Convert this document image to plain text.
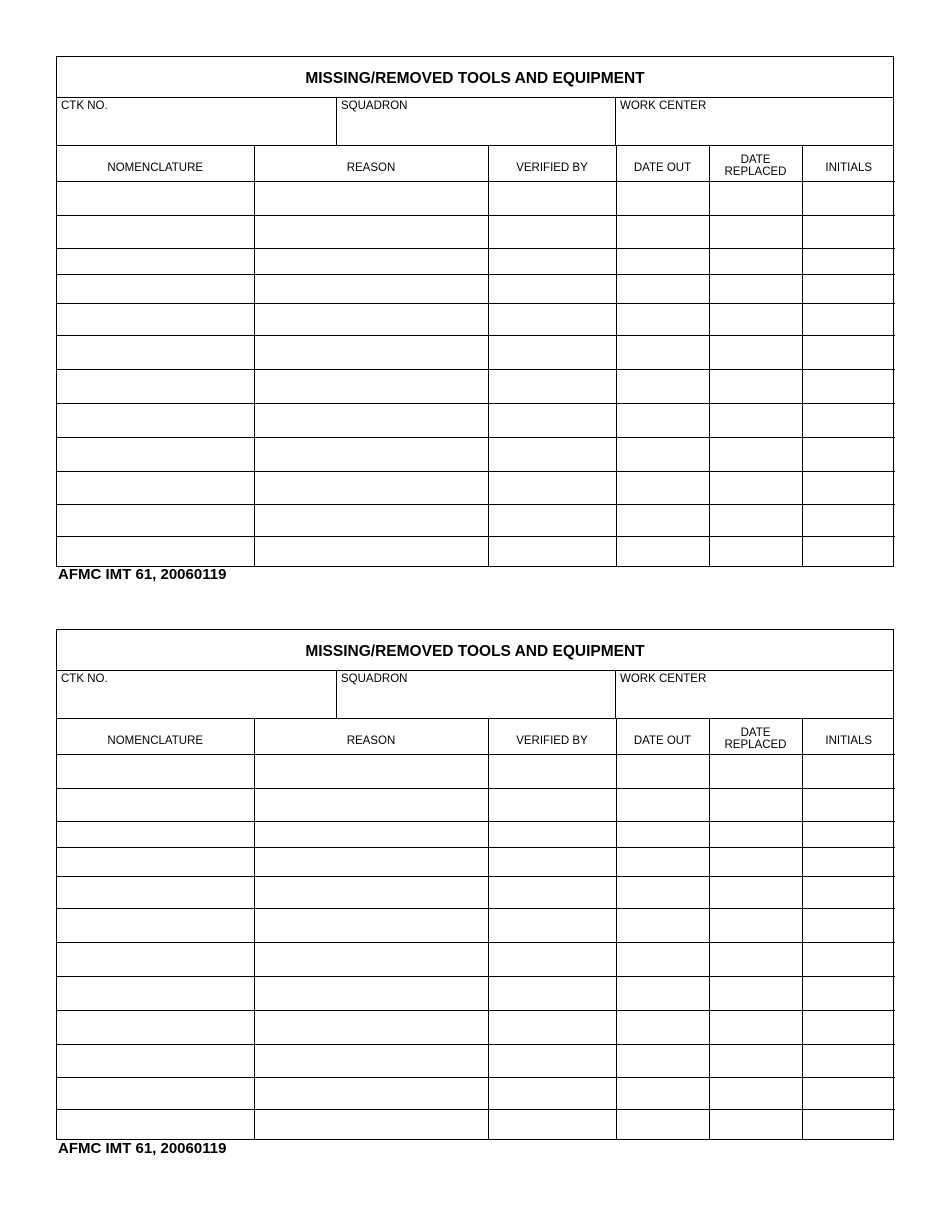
MISSING/REMOVED TOOLS AND EQUIPMENT
CTK NO.	SQUADRON	WORK CENTER
NOMENCLATURE	REASON	VERIFIED BY	DATE OUT	DATE REPLACED	INITIALS

AFMC IMT 61, 20060119
MISSING/REMOVED TOOLS AND EQUIPMENT
CTK NO.	SQUADRON	WORK CENTER
NOMENCLATURE	REASON	VERIFIED BY	DATE OUT	DATE REPLACED	INITIALS

AFMC IMT 61, 20060119
